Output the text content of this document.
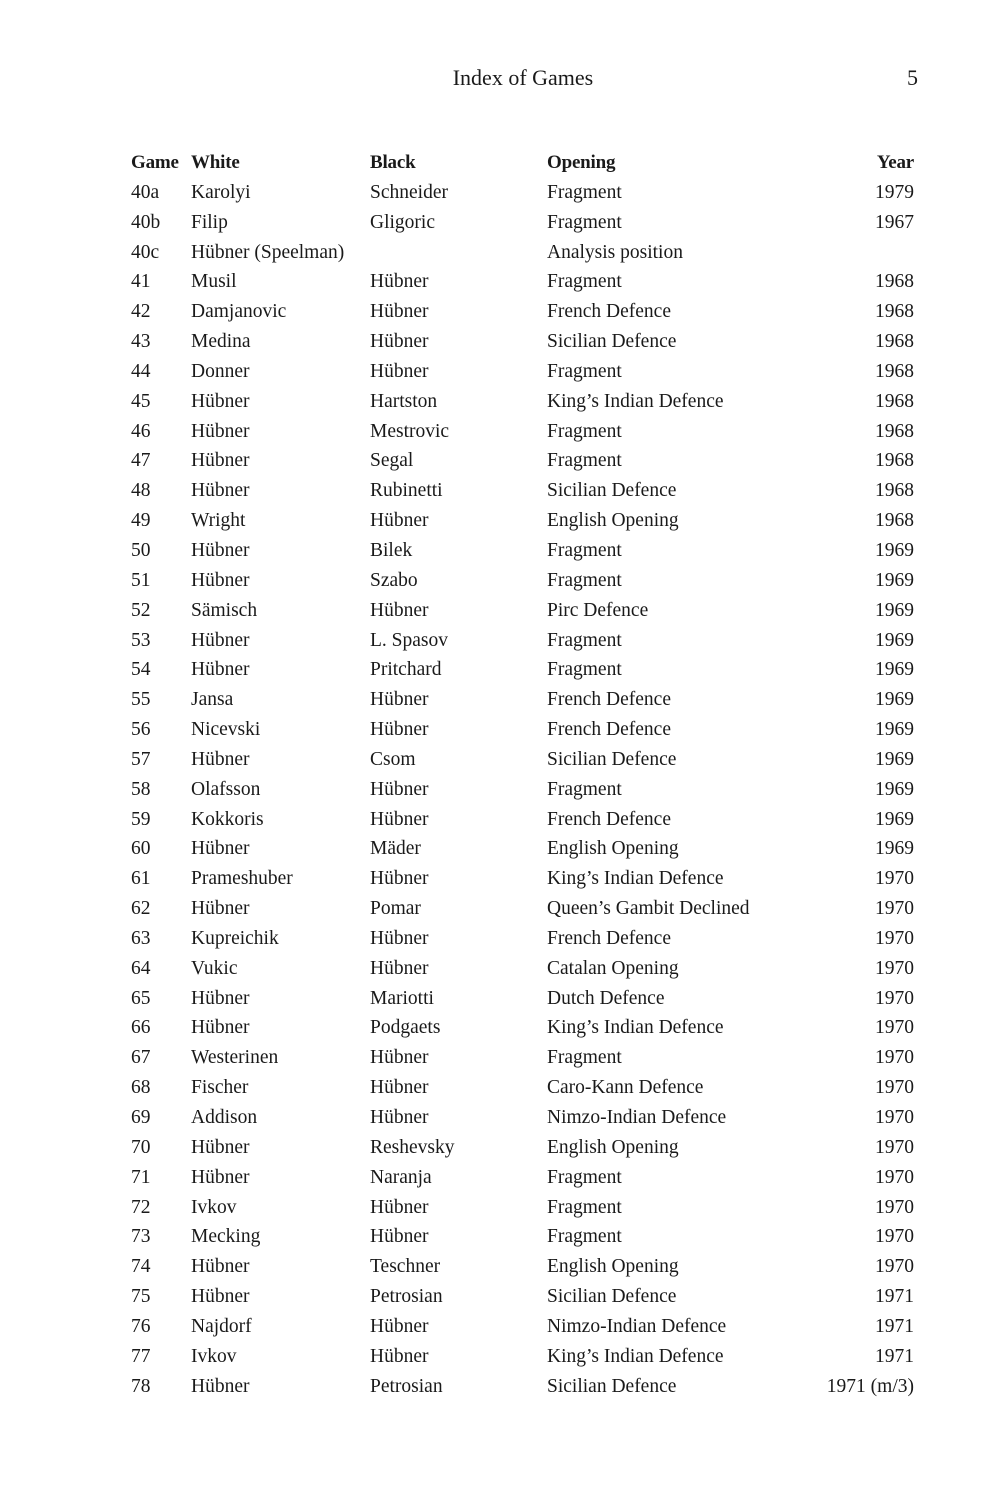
Index of Games	5
Game	White	Black	Opening	Year
40a	Karolyi	Schneider	Fragment	1979
40b	Filip	Gligoric	Fragment	1967
40c	Hübner (Speelman)		Analysis position	
41	Musil	Hübner	Fragment	1968
42	Damjanovic	Hübner	French Defence	1968
43	Medina	Hübner	Sicilian Defence	1968
44	Donner	Hübner	Fragment	1968
45	Hübner	Hartston	King’s Indian Defence	1968
46	Hübner	Mestrovic	Fragment	1968
47	Hübner	Segal	Fragment	1968
48	Hübner	Rubinetti	Sicilian Defence	1968
49	Wright	Hübner	English Opening	1968
50	Hübner	Bilek	Fragment	1969
51	Hübner	Szabo	Fragment	1969
52	Sämisch	Hübner	Pirc Defence	1969
53	Hübner	L. Spasov	Fragment	1969
54	Hübner	Pritchard	Fragment	1969
55	Jansa	Hübner	French Defence	1969
56	Nicevski	Hübner	French Defence	1969
57	Hübner	Csom	Sicilian Defence	1969
58	Olafsson	Hübner	Fragment	1969
59	Kokkoris	Hübner	French Defence	1969
60	Hübner	Mäder	English Opening	1969
61	Prameshuber	Hübner	King’s Indian Defence	1970
62	Hübner	Pomar	Queen’s Gambit Declined	1970
63	Kupreichik	Hübner	French Defence	1970
64	Vukic	Hübner	Catalan Opening	1970
65	Hübner	Mariotti	Dutch Defence	1970
66	Hübner	Podgaets	King’s Indian Defence	1970
67	Westerinen	Hübner	Fragment	1970
68	Fischer	Hübner	Caro-Kann Defence	1970
69	Addison	Hübner	Nimzo-Indian Defence	1970
70	Hübner	Reshevsky	English Opening	1970
71	Hübner	Naranja	Fragment	1970
72	Ivkov	Hübner	Fragment	1970
73	Mecking	Hübner	Fragment	1970
74	Hübner	Teschner	English Opening	1970
75	Hübner	Petrosian	Sicilian Defence	1971
76	Najdorf	Hübner	Nimzo-Indian Defence	1971
77	Ivkov	Hübner	King’s Indian Defence	1971
78	Hübner	Petrosian	Sicilian Defence	1971 (m/3)
